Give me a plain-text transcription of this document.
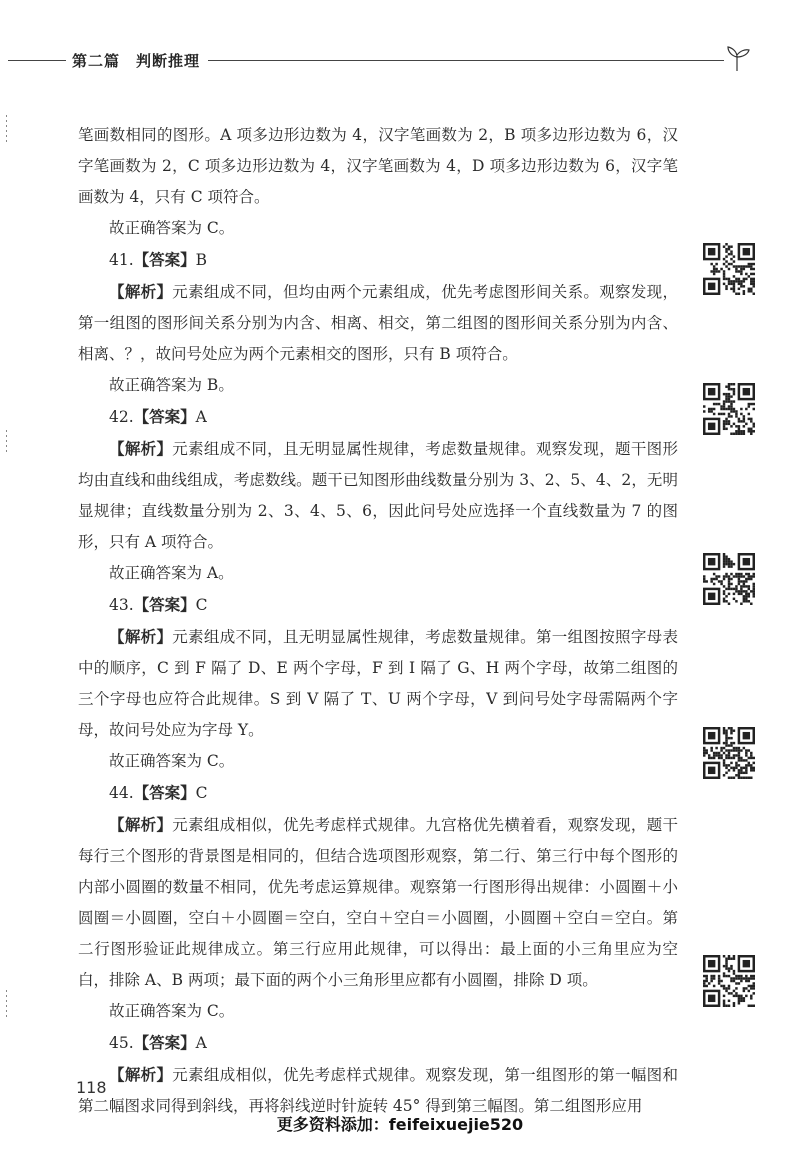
第二篇　判断推理

笔画数相同的图形。A 项多边形边数为 4，汉字笔画数为 2，B 项多边形边数为 6，汉字笔画数为 2，C 项多边形边数为 4，汉字笔画数为 4，D 项多边形边数为 6，汉字笔画数为 4，只有 C 项符合。

故正确答案为 C。

41.【答案】B

【解析】元素组成不同，但均由两个元素组成，优先考虑图形间关系。观察发现，第一组图的图形间关系分别为内含、相离、相交，第二组图的图形间关系分别为内含、相离、？，故问号处应为两个元素相交的图形，只有 B 项符合。

故正确答案为 B。

42.【答案】A

【解析】元素组成不同，且无明显属性规律，考虑数量规律。观察发现，题干图形均由直线和曲线组成，考虑数线。题干已知图形曲线数量分别为 3、2、5、4、2，无明显规律；直线数量分别为 2、3、4、5、6，因此问号处应选择一个直线数量为 7 的图形，只有 A 项符合。

故正确答案为 A。

43.【答案】C

【解析】元素组成不同，且无明显属性规律，考虑数量规律。第一组图按照字母表中的顺序，C 到 F 隔了 D、E 两个字母，F 到 I 隔了 G、H 两个字母，故第二组图的三个字母也应符合此规律。S 到 V 隔了 T、U 两个字母，V 到问号处字母需隔两个字母，故问号处应为字母 Y。

故正确答案为 C。

44.【答案】C

【解析】元素组成相似，优先考虑样式规律。九宫格优先横着看，观察发现，题干每行三个图形的背景图是相同的，但结合选项图形观察，第二行、第三行中每个图形的内部小圆圈的数量不相同，优先考虑运算规律。观察第一行图形得出规律：小圆圈＋小圆圈＝小圆圈，空白＋小圆圈＝空白，空白＋空白＝小圆圈，小圆圈＋空白＝空白。第二行图形验证此规律成立。第三行应用此规律，可以得出：最上面的小三角里应为空白，排除 A、B 两项；最下面的两个小三角形里应都有小圆圈，排除 D 项。

故正确答案为 C。

45.【答案】A

【解析】元素组成相似，优先考虑样式规律。观察发现，第一组图形的第一幅图和第二幅图求同得到斜线，再将斜线逆时针旋转 45° 得到第三幅图。第二组图形应用

118
更多资料添加：feifeixuejie520
